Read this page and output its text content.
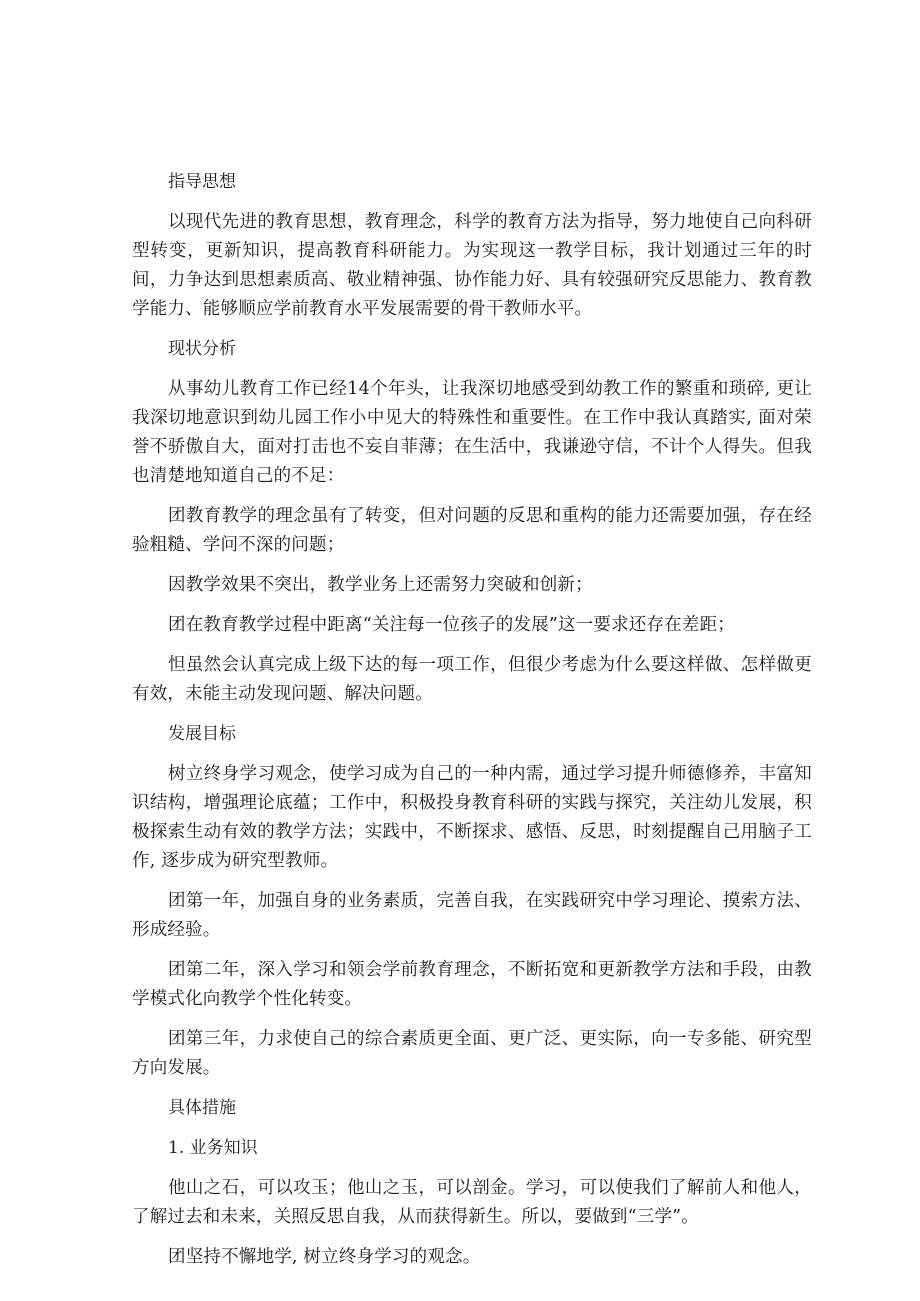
指导思想

以现代先进的教育思想，教育理念，科学的教育方法为指导，努力地使自己向科研型转变，更新知识，提高教育科研能力。为实现这一教学目标，我计划通过三年的时间，力争达到思想素质高、敬业精神强、协作能力好、具有较强研究反思能力、教育教学能力、能够顺应学前教育水平发展需要的骨干教师水平。

现状分析

从事幼儿教育工作已经14个年头，让我深切地感受到幼教工作的繁重和琐碎, 更让我深切地意识到幼儿园工作小中见大的特殊性和重要性。在工作中我认真踏实, 面对荣誉不骄傲自大，面对打击也不妄自菲薄；在生活中，我谦逊守信，不计个人得失。但我也清楚地知道自己的不足：

团教育教学的理念虽有了转变，但对问题的反思和重构的能力还需要加强，存在经验粗糙、学问不深的问题；

因教学效果不突出，教学业务上还需努力突破和创新；

团在教育教学过程中距离“关注每一位孩子的发展”这一要求还存在差距；

怛虽然会认真完成上级下达的每一项工作，但很少考虑为什么要这样做、怎样做更有效，未能主动发现问题、解决问题。

发展目标

树立终身学习观念，使学习成为自己的一种内需，通过学习提升师德修养，丰富知识结构，增强理论底蕴；工作中，积极投身教育科研的实践与探究，关注幼儿发展，积极探索生动有效的教学方法；实践中，不断探求、感悟、反思，时刻提醒自己用脑子工作, 逐步成为研究型教师。

团第一年，加强自身的业务素质，完善自我，在实践研究中学习理论、摸索方法、形成经验。

团第二年，深入学习和领会学前教育理念，不断拓宽和更新教学方法和手段，由教学模式化向教学个性化转变。

团第三年，力求使自己的综合素质更全面、更广泛、更实际，向一专多能、研究型方向发展。

具体措施
1. 业务知识

他山之石，可以攻玉；他山之玉，可以剖金。学习，可以使我们了解前人和他人，了解过去和未来，关照反思自我，从而获得新生。所以，要做到“三学”。

团坚持不懈地学, 树立终身学习的观念。
